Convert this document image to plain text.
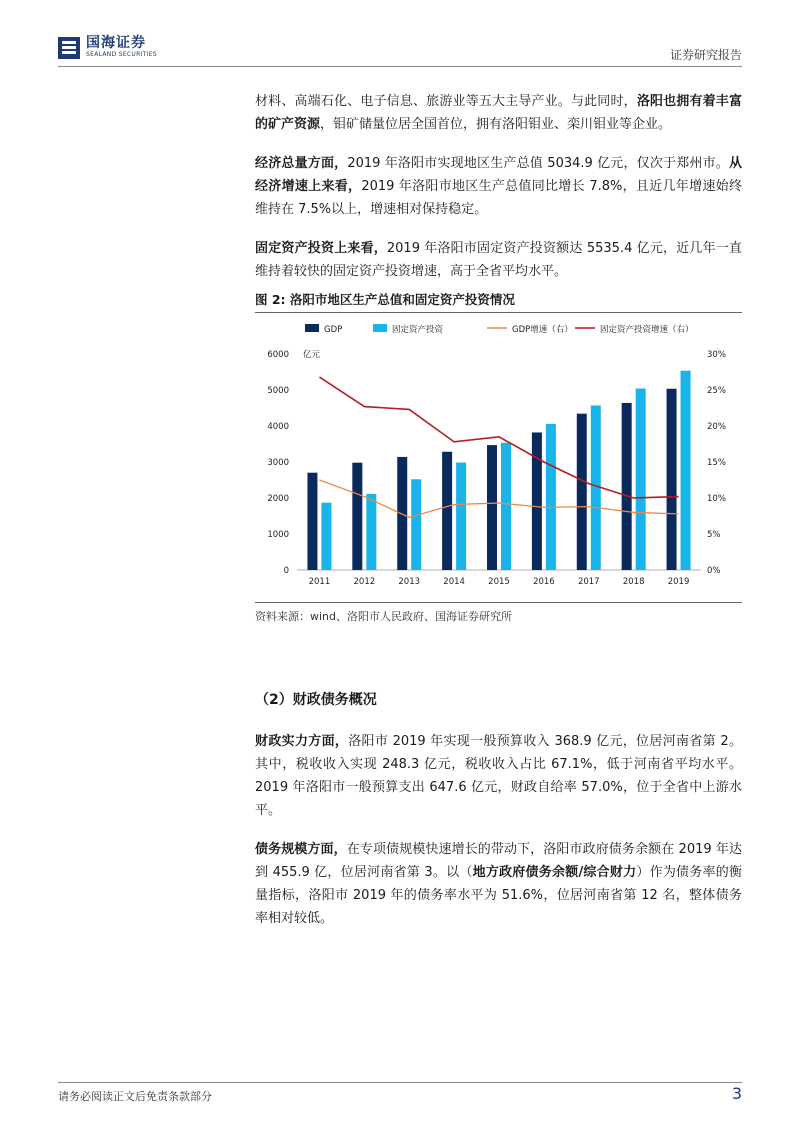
国海证券
SEALAND SECURITIES	证券研究报告

材料、高端石化、电子信息、旅游业等五大主导产业。与此同时，洛阳也拥有着丰富的矿产资源，钼矿储量位居全国首位，拥有洛阳钼业、栾川钼业等企业。

经济总量方面，2019 年洛阳市实现地区生产总值 5034.9 亿元，仅次于郑州市。从经济增速上来看，2019 年洛阳市地区生产总值同比增长 7.8%，且近几年增速始终维持在 7.5%以上，增速相对保持稳定。

固定资产投资上来看，2019 年洛阳市固定资产投资额达 5535.4 亿元，近几年一直维持着较快的固定资产投资增速，高于全省平均水平。

图 2: 洛阳市地区生产总值和固定资产投资情况
GDP	固定资产投资	GDP增速（右）	固定资产投资增速（右）
0
1000
2000
3000
4000
5000
6000 亿元
0%
5%
10%
15%
20%
25%
30%
2011	2012	2013	2014	2015	2016	2017	2018	2019
资料来源：wind、洛阳市人民政府、国海证券研究所
（2）财政债务概况

财政实力方面，洛阳市 2019 年实现一般预算收入 368.9 亿元，位居河南省第 2。其中，税收收入实现 248.3 亿元，税收收入占比 67.1%，低于河南省平均水平。2019 年洛阳市一般预算支出 647.6 亿元，财政自给率 57.0%，位于全省中上游水平。

债务规模方面，在专项债规模快速增长的带动下，洛阳市政府债务余额在 2019 年达到 455.9 亿，位居河南省第 3。以（地方政府债务余额/综合财力）作为债务率的衡量指标，洛阳市 2019 年的债务率水平为 51.6%，位居河南省第 12 名，整体债务率相对较低。

请务必阅读正文后免责条款部分	3
